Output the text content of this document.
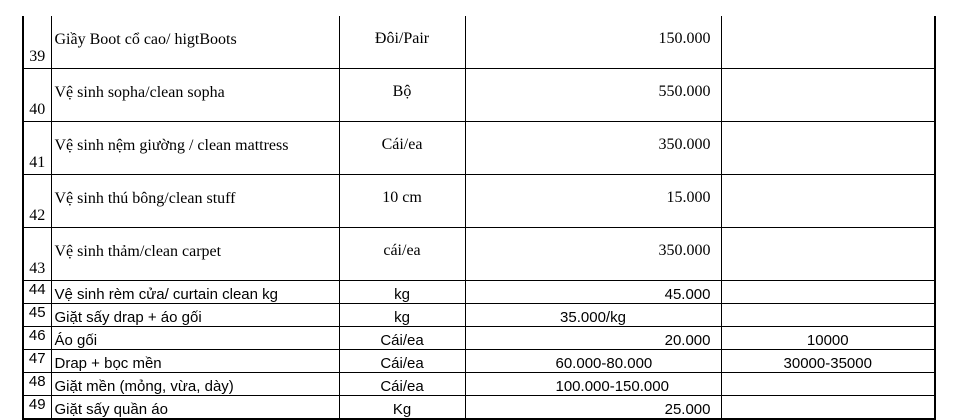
39	Giầy Boot cổ cao/ higtBoots	Đôi/Pair	150.000	
40	Vệ sinh sopha/clean sopha	Bộ	550.000	
41	Vệ sinh nệm giường / clean mattress	Cái/ea	350.000	
42	Vệ sinh thú bông/clean stuff	10 cm	15.000	
43	Vệ sinh thảm/clean carpet	cái/ea	350.000	
44	Vệ sinh rèm cửa/ curtain clean kg	kg	45.000	
45	Giặt sấy drap + áo gối	kg	35.000/kg	
46	Áo gối	Cái/ea	20.000	10000
47	Drap + bọc mền	Cái/ea	60.000-80.000	30000-35000
48	Giặt mền (mỏng, vừa, dày)	Cái/ea	100.000-150.000	
49	Giặt sấy quần áo	Kg	25.000	
